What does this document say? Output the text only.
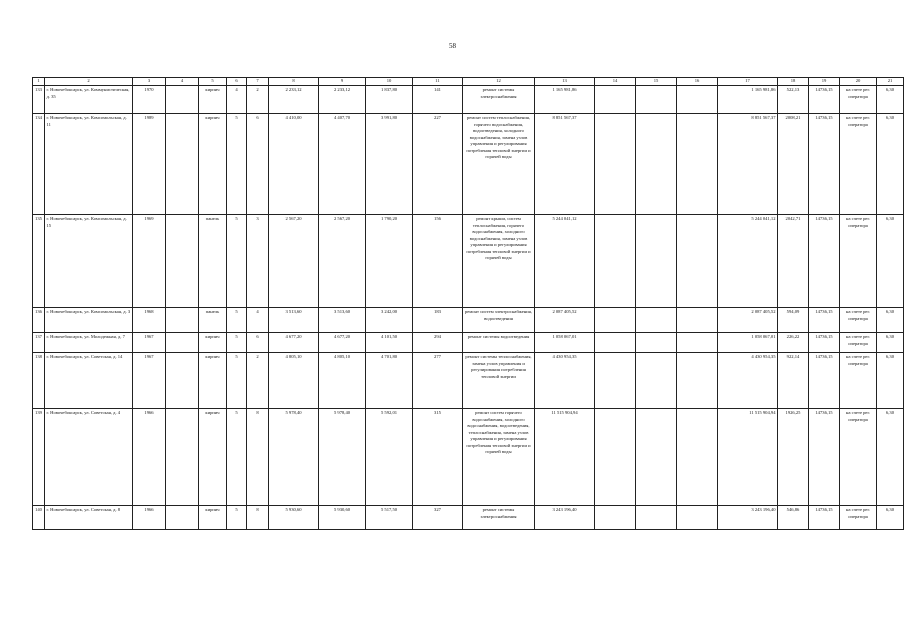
58
1	2	3	4	5	6	7	8	9	10	11	12	13	14	15	16	17	18	19	20	21
133	г. Новочебоксарск, ул. Коммунистическая, д. 35	1970		кирпич	4	2	2 233,12	2 233,12	1 837,80	141	ремонт системы электроснабжения	1 165 981,86				1 165 981,86	522,13	14736,15	на счете рег. оператора	6,30
134	г. Новочебоксарск, ул. Комсомольская, д. 11	1989		кирпич	5	6	4 410,00	4 407,70	3 991,80	227	ремонт систем теплоснабжения, горячего водоснабжения, водоотведения, холодного водоснабжения, замена узлов управления и регулирования потребления тепловой энергии и горячей воды	8 851 567,37				8 851 567,37	2008,21	14736,15	на счете рег. оператора	6,30
135	г. Новочебоксарск, ул. Комсомольская, д. 15	1969		панель	5	3	2 567,20	2 567,20	1 790,20	156	ремонт крыши, систем теплоснабжения, горячего водоснабжения, холодного водоснабжения, замена узлов управления и регулирования потребления тепловой энергии и горячей воды	5 244 041,12				5 244 041,12	2042,71	14736,15	на счете рег. оператора	6,30
136	г. Новочебоксарск, ул. Комсомольская, д. 3	1968		панель	5	4	3 513,60	3 513,60	3 242,00	183	ремонт систем электроснабжения, водоотведения	2 087 405,52				2 087 405,52	594,09	14736,15	на счете рег. оператора	6,30
137	г. Новочебоксарск, ул. Молодежная, д. 7	1967		кирпич	5	6	4 677,20	4 677,20	4 101,50	294	ремонт системы водоотведения	1 058 067,01				1 058 067,01	226,22	14736,15	на счете рег. оператора	6,30
138	г. Новочебоксарск, ул. Советская, д. 14	1967		кирпич	5	2	4 805,10	4 805,10	4 701,80	277	ремонт системы теплоснабжения, замена узлов управления и регулирования потребления тепловой энергии	4 430 954,35				4 430 954,35	922,14	14736,15	на счете рег. оператора	6,30
139	г. Новочебоксарск, ул. Советская, д. 4	1966		кирпич	5	8	5 978,40	5 978,40	5 592,01	315	ремонт систем горячего водоснабжения, холодного водоснабжения, водоотведения, теплоснабжения, замена узлов управления и регулирования потребления тепловой энергии и горячей воды	11 515 904,94				11 515 904,94	1926,25	14736,15	на счете рег. оператора	6,30
140	г. Новочебоксарск, ул. Советская, д. 8	1966		кирпич	5	8	5 930,60	5 930,60	5 517,50	327	ремонт системы электроснабжения	3 243 196,40				3 243 196,40	546,86	14736,15	на счете рег. оператора	6,30
